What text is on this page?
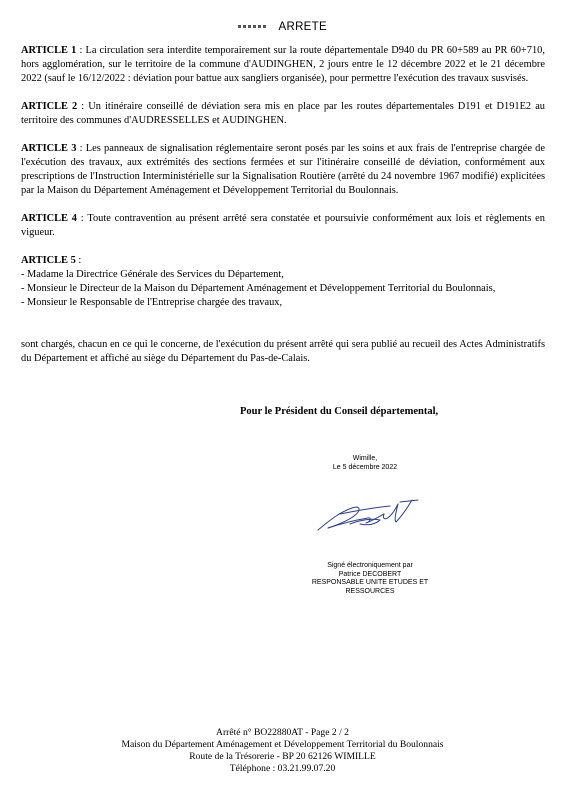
ARRETE

ARTICLE 1 : La circulation sera interdite temporairement sur la route départementale D940 du PR 60+589 au PR 60+710, hors agglomération, sur le territoire de la commune d'AUDINGHEN, 2 jours entre le 12 décembre 2022 et le 21 décembre 2022 (sauf le 16/12/2022 : déviation pour battue aux sangliers organisée), pour permettre l'exécution des travaux susvisés.

ARTICLE 2 : Un itinéraire conseillé de déviation sera mis en place par les routes départementales D191 et D191E2 au territoire des communes d'AUDRESSELLES et AUDINGHEN.

ARTICLE 3 : Les panneaux de signalisation réglementaire seront posés par les soins et aux frais de l'entreprise chargée de l'exécution des travaux, aux extrémités des sections fermées et sur l'itinéraire conseillé de déviation, conformément aux prescriptions de l'Instruction Interministérielle sur la Signalisation Routière (arrêté du 24 novembre 1967 modifié) explicitées par la Maison du Département Aménagement et Développement Territorial du Boulonnais.

ARTICLE 4 : Toute contravention au présent arrêté sera constatée et poursuivie conformément aux lois et règlements en vigueur.

ARTICLE 5 :

- Madame la Directrice Générale des Services du Département,

- Monsieur le Directeur de la Maison du Département Aménagement et Développement Territorial du Boulonnais,

- Monsieur le Responsable de l'Entreprise chargée des travaux,

sont chargés, chacun en ce qui le concerne, de l'exécution du présent arrêté qui sera publié au recueil des Actes Administratifs du Département et affiché au siège du Département du Pas-de-Calais.

Pour le Président du Conseil départemental,
Wimille,
Le 5 décembre 2022
Signé électroniquement par
Patrice DECOBERT
RESPONSABLE UNITE ETUDES ET
RESSOURCES
Arrêté n° BO22880AT - Page 2 / 2
Maison du Département Aménagement et Développement Territorial du Boulonnais
Route de la Trésorerie - BP 20 62126 WIMILLE
Téléphone : 03.21.99.07.20
